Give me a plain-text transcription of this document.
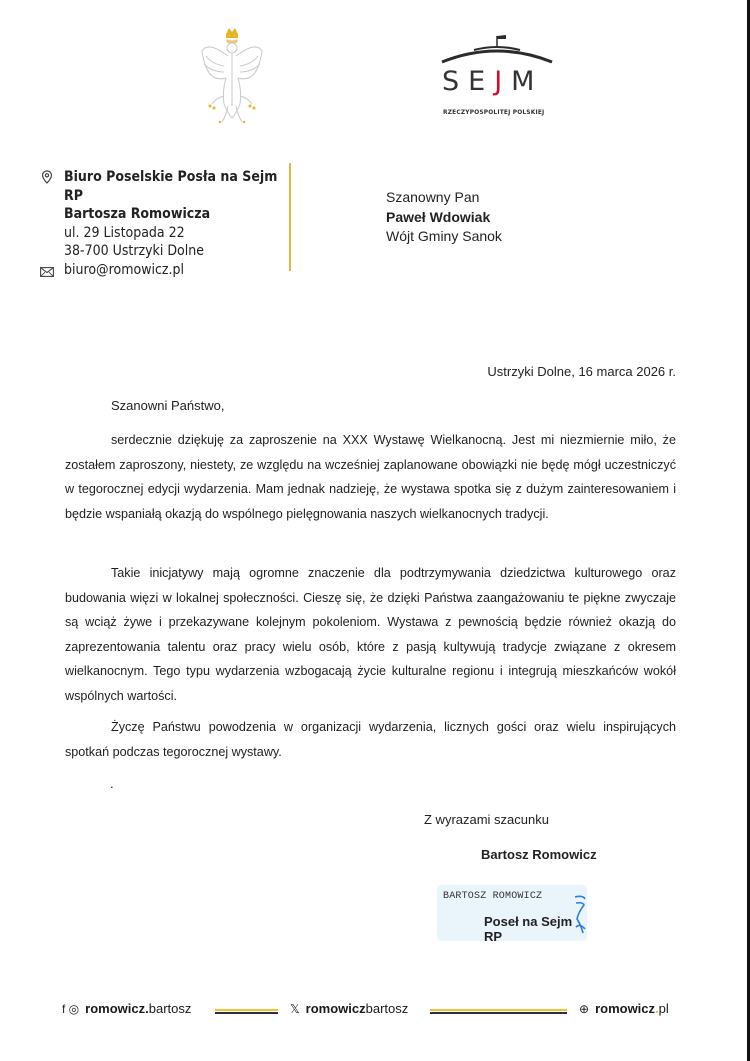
SEJM
RZECZYPOSPOLITEJ POLSKIEJ
Biuro Poselskie Posła na Sejm RP
Bartosza Romowicza
ul. 29 Listopada 22
38-700 Ustrzyki Dolne
biuro@romowicz.pl
Szanowny Pan
Paweł Wdowiak
Wójt Gminy Sanok
Ustrzyki Dolne, 16 marca 2026 r.
Szanowni Państwo,

serdecznie dziękuję za zaproszenie na XXX Wystawę Wielkanocną. Jest mi niezmiernie miło, że zostałem zaproszony, niestety, ze względu na wcześniej zaplanowane obowiązki nie będę mógł uczestniczyć w tegorocznej edycji wydarzenia. Mam jednak nadzieję, że wystawa spotka się z dużym zainteresowaniem i będzie wspaniałą okazją do wspólnego pielęgnowania naszych wielkanocnych tradycji.

Takie inicjatywy mają ogromne znaczenie dla podtrzymywania dziedzictwa kulturowego oraz budowania więzi w lokalnej społeczności. Cieszę się, że dzięki Państwa zaangażowaniu te piękne zwyczaje są wciąż żywe i przekazywane kolejnym pokoleniom. Wystawa z pewnością będzie również okazją do zaprezentowania talentu oraz pracy wielu osób, które z pasją kultywują tradycje związane z okresem wielkanocnym. Tego typu wydarzenia wzbogacają życie kulturalne regionu i integrują mieszkańców wokół wspólnych wartości.

Życzę Państwu powodzenia w organizacji wydarzenia, licznych gości oraz wielu inspirujących spotkań podczas tegorocznej wystawy.

.
Z wyrazami szacunku
Bartosz Romowicz
BARTOSZ ROMOWICZ
Poseł na Sejm RP
f ◎ romowicz.bartosz	𝕏 romowiczbartosz	⊕ romowicz.pl
